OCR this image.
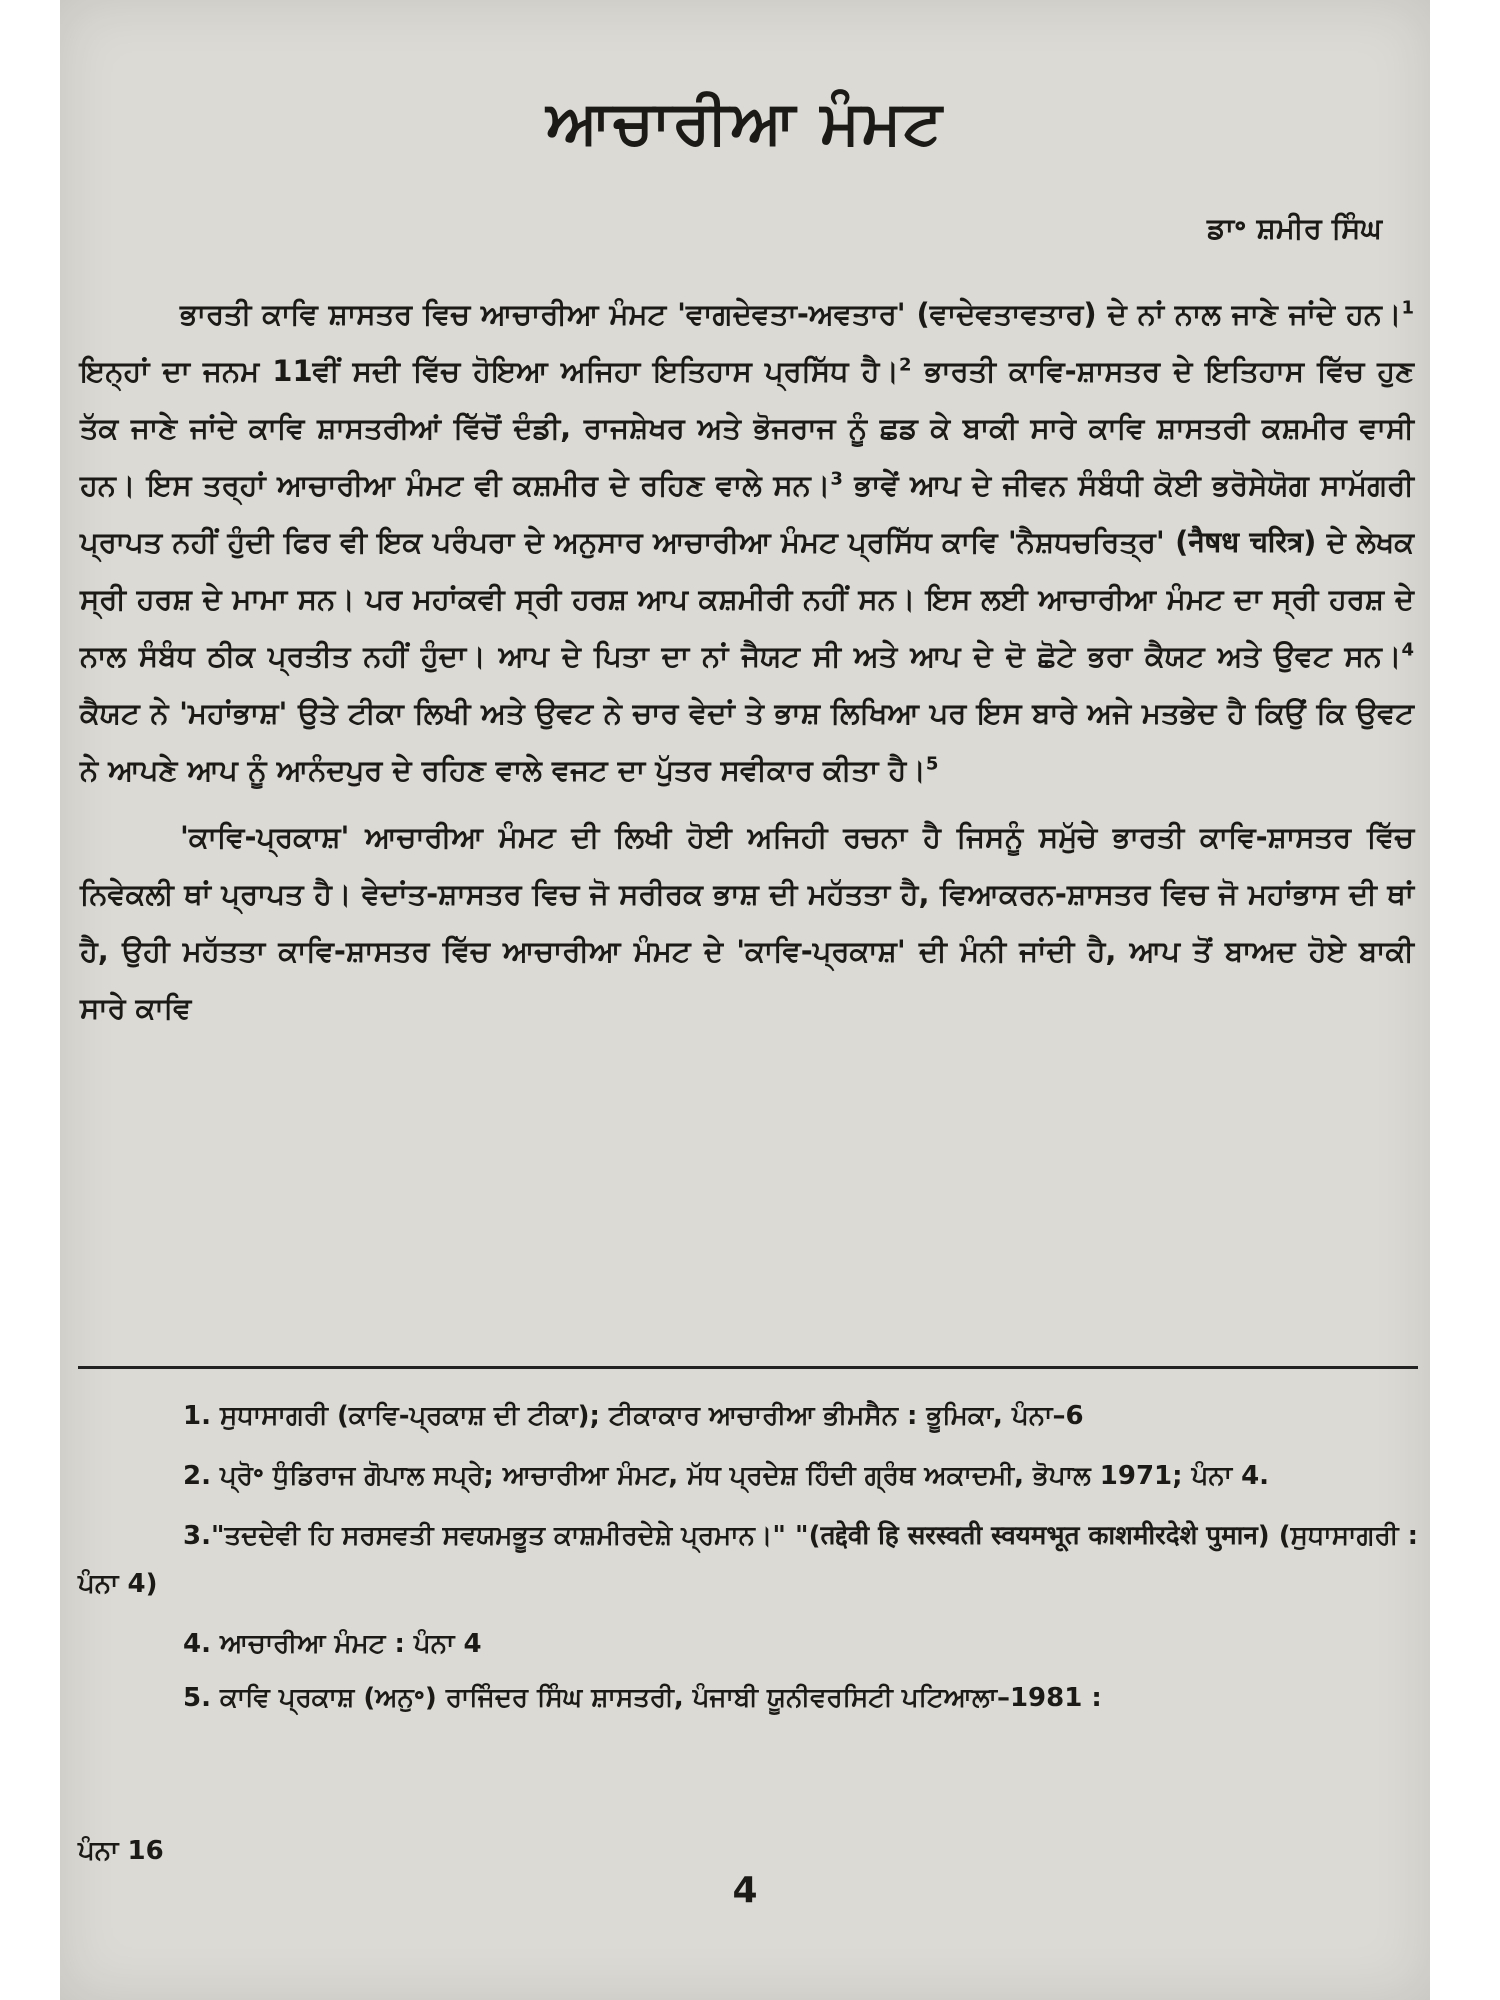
ਆਚਾਰੀਆ ਮੰਮਟ
ਡਾ॰ ਸ਼ਮੀਰ ਸਿੰਘ

ਭਾਰਤੀ ਕਾਵਿ ਸ਼ਾਸਤਰ ਵਿਚ ਆਚਾਰੀਆ ਮੰਮਟ 'ਵਾਗਦੇਵਤਾ-ਅਵਤਾਰ' (ਵਾਦੇਵਤਾਵਤਾਰ) ਦੇ ਨਾਂ ਨਾਲ ਜਾਣੇ ਜਾਂਦੇ ਹਨ।$^1$ ਇਨ੍ਹਾਂ ਦਾ ਜਨਮ 11ਵੀਂ ਸਦੀ ਵਿੱਚ ਹੋਇਆ ਅਜਿਹਾ ਇਤਿਹਾਸ ਪ੍ਰਸਿੱਧ ਹੈ।$^2$ ਭਾਰਤੀ ਕਾਵਿ-ਸ਼ਾਸਤਰ ਦੇ ਇਤਿਹਾਸ ਵਿੱਚ ਹੁਣ ਤੱਕ ਜਾਣੇ ਜਾਂਦੇ ਕਾਵਿ ਸ਼ਾਸਤਰੀਆਂ ਵਿੱਚੋਂ ਦੰਡੀ, ਰਾਜਸ਼ੇਖਰ ਅਤੇ ਭੋਜਰਾਜ ਨੂੰ ਛਡ ਕੇ ਬਾਕੀ ਸਾਰੇ ਕਾਵਿ ਸ਼ਾਸਤਰੀ ਕਸ਼ਮੀਰ ਵਾਸੀ ਹਨ। ਇਸ ਤਰ੍ਹਾਂ ਆਚਾਰੀਆ ਮੰਮਟ ਵੀ ਕਸ਼ਮੀਰ ਦੇ ਰਹਿਣ ਵਾਲੇ ਸਨ।$^3$ ਭਾਵੇਂ ਆਪ ਦੇ ਜੀਵਨ ਸੰਬੰਧੀ ਕੋਈ ਭਰੋਸੇਯੋਗ ਸਾਮੱਗਰੀ ਪ੍ਰਾਪਤ ਨਹੀਂ ਹੁੰਦੀ ਫਿਰ ਵੀ ਇਕ ਪਰੰਪਰਾ ਦੇ ਅਨੁਸਾਰ ਆਚਾਰੀਆ ਮੰਮਟ ਪ੍ਰਸਿੱਧ ਕਾਵਿ 'ਨੈਸ਼ਧਚਰਿਤ੍ਰ' (नैषध चरित्र) ਦੇ ਲੇਖਕ ਸ੍ਰੀ ਹਰਸ਼ ਦੇ ਮਾਮਾ ਸਨ। ਪਰ ਮਹਾਂਕਵੀ ਸ੍ਰੀ ਹਰਸ਼ ਆਪ ਕਸ਼ਮੀਰੀ ਨਹੀਂ ਸਨ। ਇਸ ਲਈ ਆਚਾਰੀਆ ਮੰਮਟ ਦਾ ਸ੍ਰੀ ਹਰਸ਼ ਦੇ ਨਾਲ ਸੰਬੰਧ ਠੀਕ ਪ੍ਰਤੀਤ ਨਹੀਂ ਹੁੰਦਾ। ਆਪ ਦੇ ਪਿਤਾ ਦਾ ਨਾਂ ਜੈਯਟ ਸੀ ਅਤੇ ਆਪ ਦੇ ਦੋ ਛੋਟੇ ਭਰਾ ਕੈਯਟ ਅਤੇ ਉਵਟ ਸਨ।$^4$ ਕੈਯਟ ਨੇ 'ਮਹਾਂਭਾਸ਼' ਉਤੇ ਟੀਕਾ ਲਿਖੀ ਅਤੇ ਉਵਟ ਨੇ ਚਾਰ ਵੇਦਾਂ ਤੇ ਭਾਸ਼ ਲਿਖਿਆ ਪਰ ਇਸ ਬਾਰੇ ਅਜੇ ਮਤਭੇਦ ਹੈ ਕਿਉਂ ਕਿ ਉਵਟ ਨੇ ਆਪਣੇ ਆਪ ਨੂੰ ਆਨੰਦਪੁਰ ਦੇ ਰਹਿਣ ਵਾਲੇ ਵਜਟ ਦਾ ਪੁੱਤਰ ਸਵੀਕਾਰ ਕੀਤਾ ਹੈ।$^5$

'ਕਾਵਿ-ਪ੍ਰਕਾਸ਼' ਆਚਾਰੀਆ ਮੰਮਟ ਦੀ ਲਿਖੀ ਹੋਈ ਅਜਿਹੀ ਰਚਨਾ ਹੈ ਜਿਸਨੂੰ ਸਮੁੱਚੇ ਭਾਰਤੀ ਕਾਵਿ-ਸ਼ਾਸਤਰ ਵਿੱਚ ਨਿਵੇਕਲੀ ਥਾਂ ਪ੍ਰਾਪਤ ਹੈ। ਵੇਦਾਂਤ-ਸ਼ਾਸਤਰ ਵਿਚ ਜੋ ਸਰੀਰਕ ਭਾਸ਼ ਦੀ ਮਹੱਤਤਾ ਹੈ, ਵਿਆਕਰਨ-ਸ਼ਾਸਤਰ ਵਿਚ ਜੋ ਮਹਾਂਭਾਸ ਦੀ ਥਾਂ ਹੈ, ਉਹੀ ਮਹੱਤਤਾ ਕਾਵਿ-ਸ਼ਾਸਤਰ ਵਿੱਚ ਆਚਾਰੀਆ ਮੰਮਟ ਦੇ 'ਕਾਵਿ-ਪ੍ਰਕਾਸ਼' ਦੀ ਮੰਨੀ ਜਾਂਦੀ ਹੈ, ਆਪ ਤੋਂ ਬਾਅਦ ਹੋਏ ਬਾਕੀ ਸਾਰੇ ਕਾਵਿ

1. ਸੁਧਾਸਾਗਰੀ (ਕਾਵਿ-ਪ੍ਰਕਾਸ਼ ਦੀ ਟੀਕਾ); ਟੀਕਾਕਾਰ ਆਚਾਰੀਆ ਭੀਮਸੈਨ : ਭੂਮਿਕਾ, ਪੰਨਾ–6

2. ਪ੍ਰੋ॰ ਧੁੰਡਿਰਾਜ ਗੋਪਾਲ ਸਪ੍ਰੇ; ਆਚਾਰੀਆ ਮੰਮਟ, ਮੱਧ ਪ੍ਰਦੇਸ਼ ਹਿੰਦੀ ਗ੍ਰੰਥ ਅਕਾਦਮੀ, ਭੋਪਾਲ 1971; ਪੰਨਾ 4.

3."ਤਦਦੇਵੀ ਹਿ ਸਰਸਵਤੀ ਸਵਯਮਭੂਤ ਕਾਸ਼ਮੀਰਦੇਸ਼ੇ ਪ੍ਰਮਾਨ।" "(तद्देवी हि सरस्वती स्वयमभूत काशमीरदेशे पुमान) (ਸੁਧਾਸਾਗਰੀ : ਪੰਨਾ 4)

4. ਆਚਾਰੀਆ ਮੰਮਟ : ਪੰਨਾ 4

5. ਕਾਵਿ ਪ੍ਰਕਾਸ਼ (ਅਨੁ॰) ਰਾਜਿੰਦਰ ਸਿੰਘ ਸ਼ਾਸਤਰੀ, ਪੰਜਾਬੀ ਯੂਨੀਵਰਸਿਟੀ ਪਟਿਆਲਾ–1981 :

ਪੰਨਾ 16
4
